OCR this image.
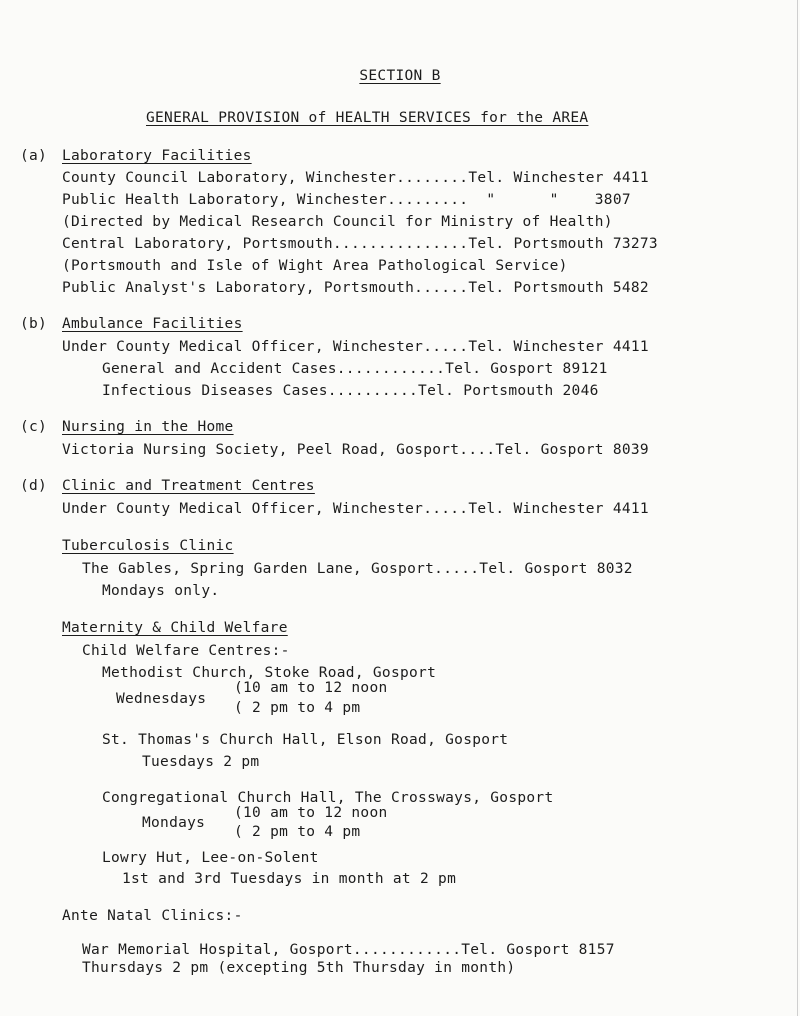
SECTION B
GENERAL PROVISION of HEALTH SERVICES for the AREA
(a) Laboratory Facilities
County Council Laboratory, Winchester........Tel. Winchester 4411
Public Health Laboratory, Winchester.........  "      "    3807
(Directed by Medical Research Council for Ministry of Health)
Central Laboratory, Portsmouth...............Tel. Portsmouth 73273
(Portsmouth and Isle of Wight Area Pathological Service)
Public Analyst's Laboratory, Portsmouth......Tel. Portsmouth 5482
(b) Ambulance Facilities
Under County Medical Officer, Winchester.....Tel. Winchester 4411
General and Accident Cases............Tel. Gosport 89121
Infectious Diseases Cases..........Tel. Portsmouth 2046
(c) Nursing in the Home
Victoria Nursing Society, Peel Road, Gosport....Tel. Gosport 8039
(d) Clinic and Treatment Centres
Under County Medical Officer, Winchester.....Tel. Winchester 4411
Tuberculosis Clinic
The Gables, Spring Garden Lane, Gosport.....Tel. Gosport 8032
Mondays only.
Maternity & Child Welfare
Child Welfare Centres:-
Methodist Church, Stoke Road, Gosport
Wednesdays
(10 am to 12 noon
( 2 pm to 4 pm
St. Thomas's Church Hall, Elson Road, Gosport
Tuesdays 2 pm
Congregational Church Hall, The Crossways, Gosport
Mondays
(10 am to 12 noon
( 2 pm to 4 pm
Lowry Hut, Lee-on-Solent
1st and 3rd Tuesdays in month at 2 pm
Ante Natal Clinics:-
War Memorial Hospital, Gosport............Tel. Gosport 8157
Thursdays 2 pm (excepting 5th Thursday in month)
